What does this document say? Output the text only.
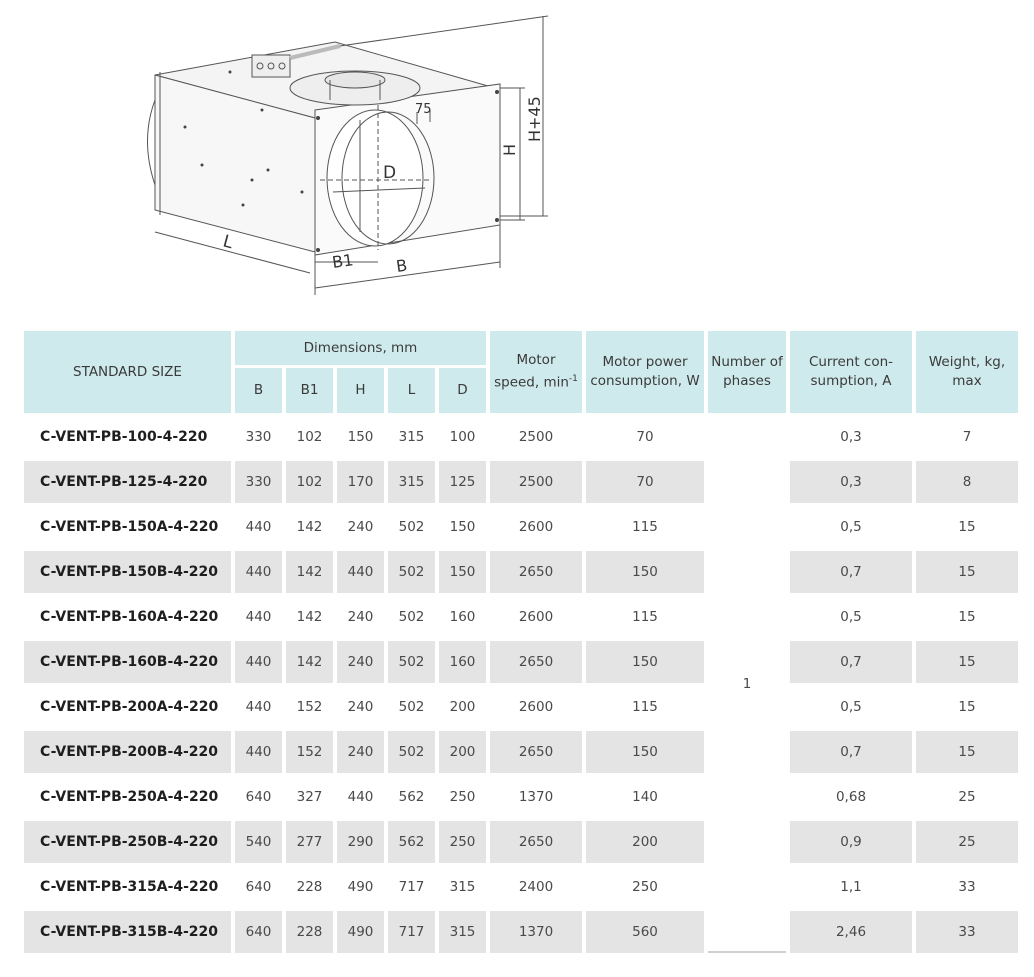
L
B1	B
H
H+45
D
75
STANDARD SIZE	Dimensions, mm					Motor speed, $\min^{-1}$	Motor power consumption, W	Number of phases	Current con-sumption, A	Weight, kg, max
	B	B1	H	L	D					
C-VENT-PB-100-4-220	330	102	150	315	100	2500	70	1	0,3	7
C-VENT-PB-125-4-220	330	102	170	315	125	2500	70		0,3	8
C-VENT-PB-150A-4-220	440	142	240	502	150	2600	115		0,5	15
C-VENT-PB-150B-4-220	440	142	440	502	150	2650	150		0,7	15
C-VENT-PB-160A-4-220	440	142	240	502	160	2600	115		0,5	15
C-VENT-PB-160B-4-220	440	142	240	502	160	2650	150		0,7	15
C-VENT-PB-200A-4-220	440	152	240	502	200	2600	115		0,5	15
C-VENT-PB-200B-4-220	440	152	240	502	200	2650	150		0,7	15
C-VENT-PB-250A-4-220	640	327	440	562	250	1370	140		0,68	25
C-VENT-PB-250B-4-220	540	277	290	562	250	2650	200		0,9	25
C-VENT-PB-315A-4-220	640	228	490	717	315	2400	250		1,1	33
C-VENT-PB-315B-4-220	640	228	490	717	315	1370	560		2,46	33
